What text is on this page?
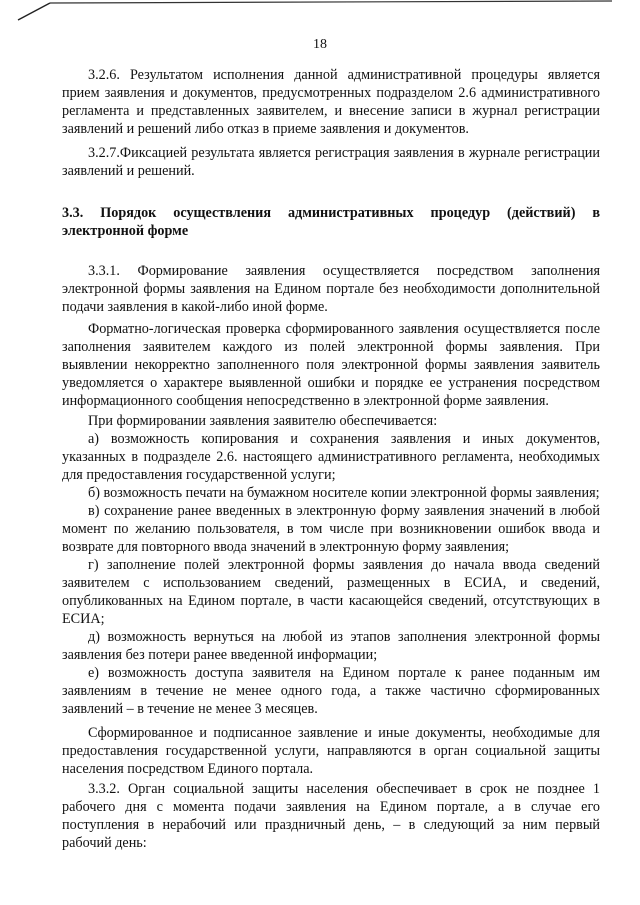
18

3.2.6. Результатом исполнения данной административной процедуры является прием заявления и документов, предусмотренных подразделом 2.6 административного регламента и представленных заявителем, и внесение записи в журнал регистрации заявлений и решений либо отказ в приеме заявления и документов.

3.2.7.Фиксацией результата является регистрация заявления в журнале регистрации заявлений и решений.

3.3. Порядок осуществления административных процедур (действий) в электронной форме

3.3.1. Формирование заявления осуществляется посредством заполнения электронной формы заявления на Едином портале без необходимости дополнительной подачи заявления в какой-либо иной форме.

Форматно-логическая проверка сформированного заявления осуществляется после заполнения заявителем каждого из полей электронной формы заявления. При выявлении некорректно заполненного поля электронной формы заявления заявитель уведомляется о характере выявленной ошибки и порядке ее устранения посредством информационного сообщения непосредственно в электронной форме заявления.

При формировании заявления заявителю обеспечивается:

а) возможность копирования и сохранения заявления и иных документов, указанных в подразделе 2.6. настоящего административного регламента, необходимых для предоставления государственной услуги;

б) возможность печати на бумажном носителе копии электронной формы заявления;

в) сохранение ранее введенных в электронную форму заявления значений в любой момент по желанию пользователя, в том числе при возникновении ошибок ввода и возврате для повторного ввода значений в электронную форму заявления;

г) заполнение полей электронной формы заявления до начала ввода сведений заявителем с использованием сведений, размещенных в ЕСИА, и сведений, опубликованных на Едином портале, в части касающейся сведений, отсутствующих в ЕСИА;

д) возможность вернуться на любой из этапов заполнения электронной формы заявления без потери ранее введенной информации;

е) возможность доступа заявителя на Едином портале к ранее поданным им заявлениям в течение не менее одного года, а также частично сформированных заявлений – в течение не менее 3 месяцев.

Сформированное и подписанное заявление и иные документы, необходимые для предоставления государственной услуги, направляются в орган социальной защиты населения посредством Единого портала.

3.3.2. Орган социальной защиты населения обеспечивает в срок не позднее 1 рабочего дня с момента подачи заявления на Едином портале, а в случае его поступления в нерабочий или праздничный день, – в следующий за ним первый рабочий день:
